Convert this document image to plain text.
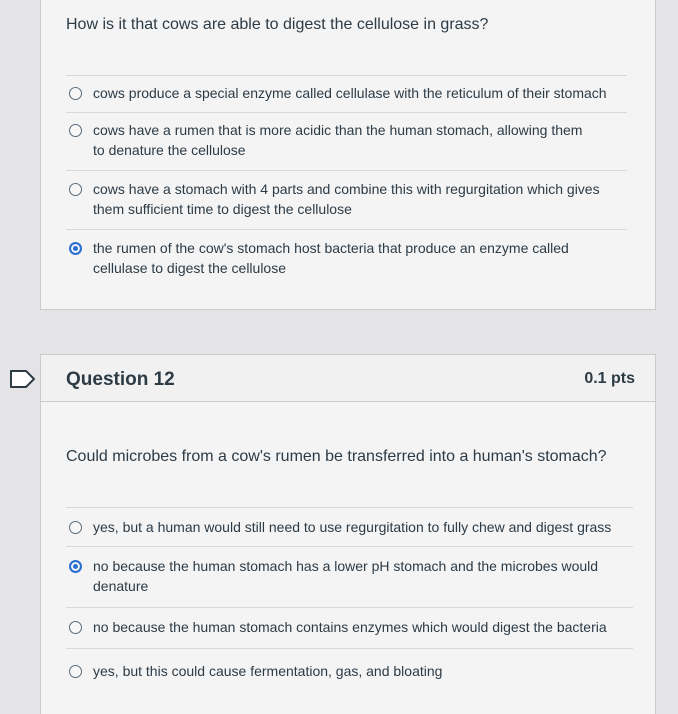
How is it that cows are able to digest the cellulose in grass?
cows produce a special enzyme called cellulase with the reticulum of their stomach
cows have a rumen that is more acidic than the human stomach, allowing them to denature the cellulose
cows have a stomach with 4 parts and combine this with regurgitation which gives them sufficient time to digest the cellulose
the rumen of the cow's stomach host bacteria that produce an enzyme called cellulase to digest the cellulose
Question 12	0.1 pts
Could microbes from a cow's rumen be transferred into a human's stomach?
yes, but a human would still need to use regurgitation to fully chew and digest grass
no because the human stomach has a lower pH stomach and the microbes would denature
no because the human stomach contains enzymes which would digest the bacteria
yes, but this could cause fermentation, gas, and bloating
